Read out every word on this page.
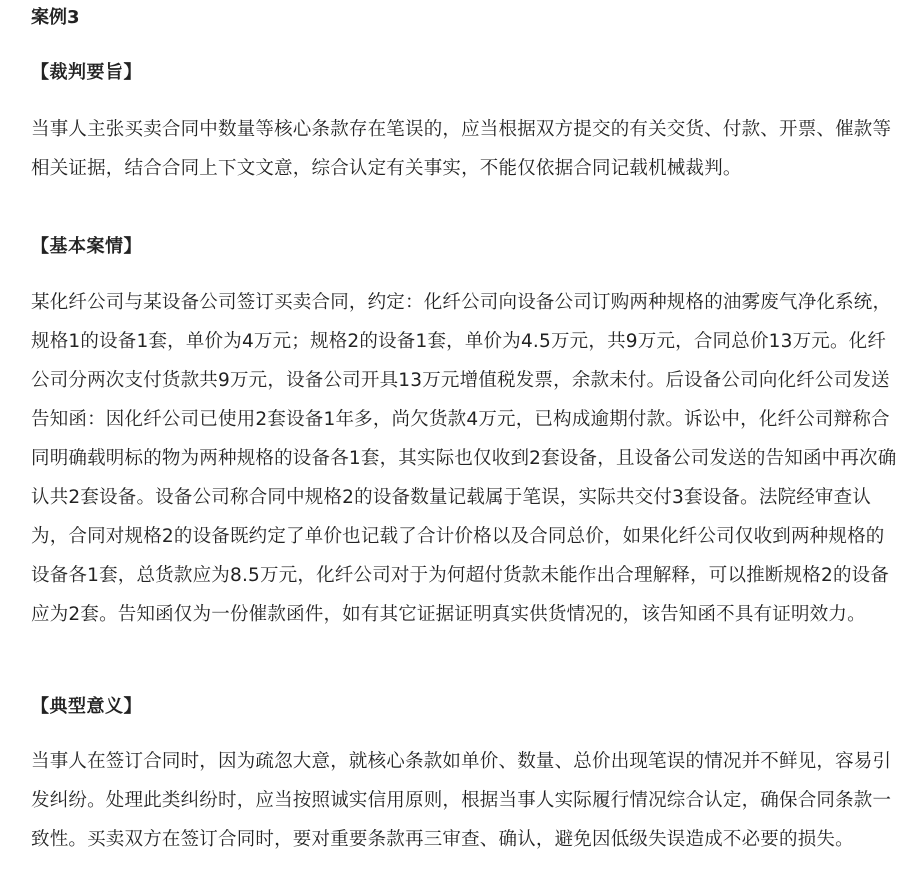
案例3
【裁判要旨】

当事人主张买卖合同中数量等核心条款存在笔误的，应当根据双方提交的有关交货、付款、开票、催款等相关证据，结合合同上下文文意，综合认定有关事实，不能仅依据合同记载机械裁判。

【基本案情】

某化纤公司与某设备公司签订买卖合同，约定：化纤公司向设备公司订购两种规格的油雾废气净化系统，规格1的设备1套，单价为4万元；规格2的设备1套，单价为4.5万元，共9万元，合同总价13万元。化纤公司分两次支付货款共9万元，设备公司开具13万元增值税发票，余款未付。后设备公司向化纤公司发送告知函：因化纤公司已使用2套设备1年多，尚欠货款4万元，已构成逾期付款。诉讼中，化纤公司辩称合同明确载明标的物为两种规格的设备各1套，其实际也仅收到2套设备，且设备公司发送的告知函中再次确认共2套设备。设备公司称合同中规格2的设备数量记载属于笔误，实际共交付3套设备。法院经审查认为，合同对规格2的设备既约定了单价也记载了合计价格以及合同总价，如果化纤公司仅收到两种规格的设备各1套，总货款应为8.5万元，化纤公司对于为何超付货款未能作出合理解释，可以推断规格2的设备应为2套。告知函仅为一份催款函件，如有其它证据证明真实供货情况的，该告知函不具有证明效力。

【典型意义】

当事人在签订合同时，因为疏忽大意，就核心条款如单价、数量、总价出现笔误的情况并不鲜见，容易引发纠纷。处理此类纠纷时，应当按照诚实信用原则，根据当事人实际履行情况综合认定，确保合同条款一致性。买卖双方在签订合同时，要对重要条款再三审查、确认，避免因低级失误造成不必要的损失。
